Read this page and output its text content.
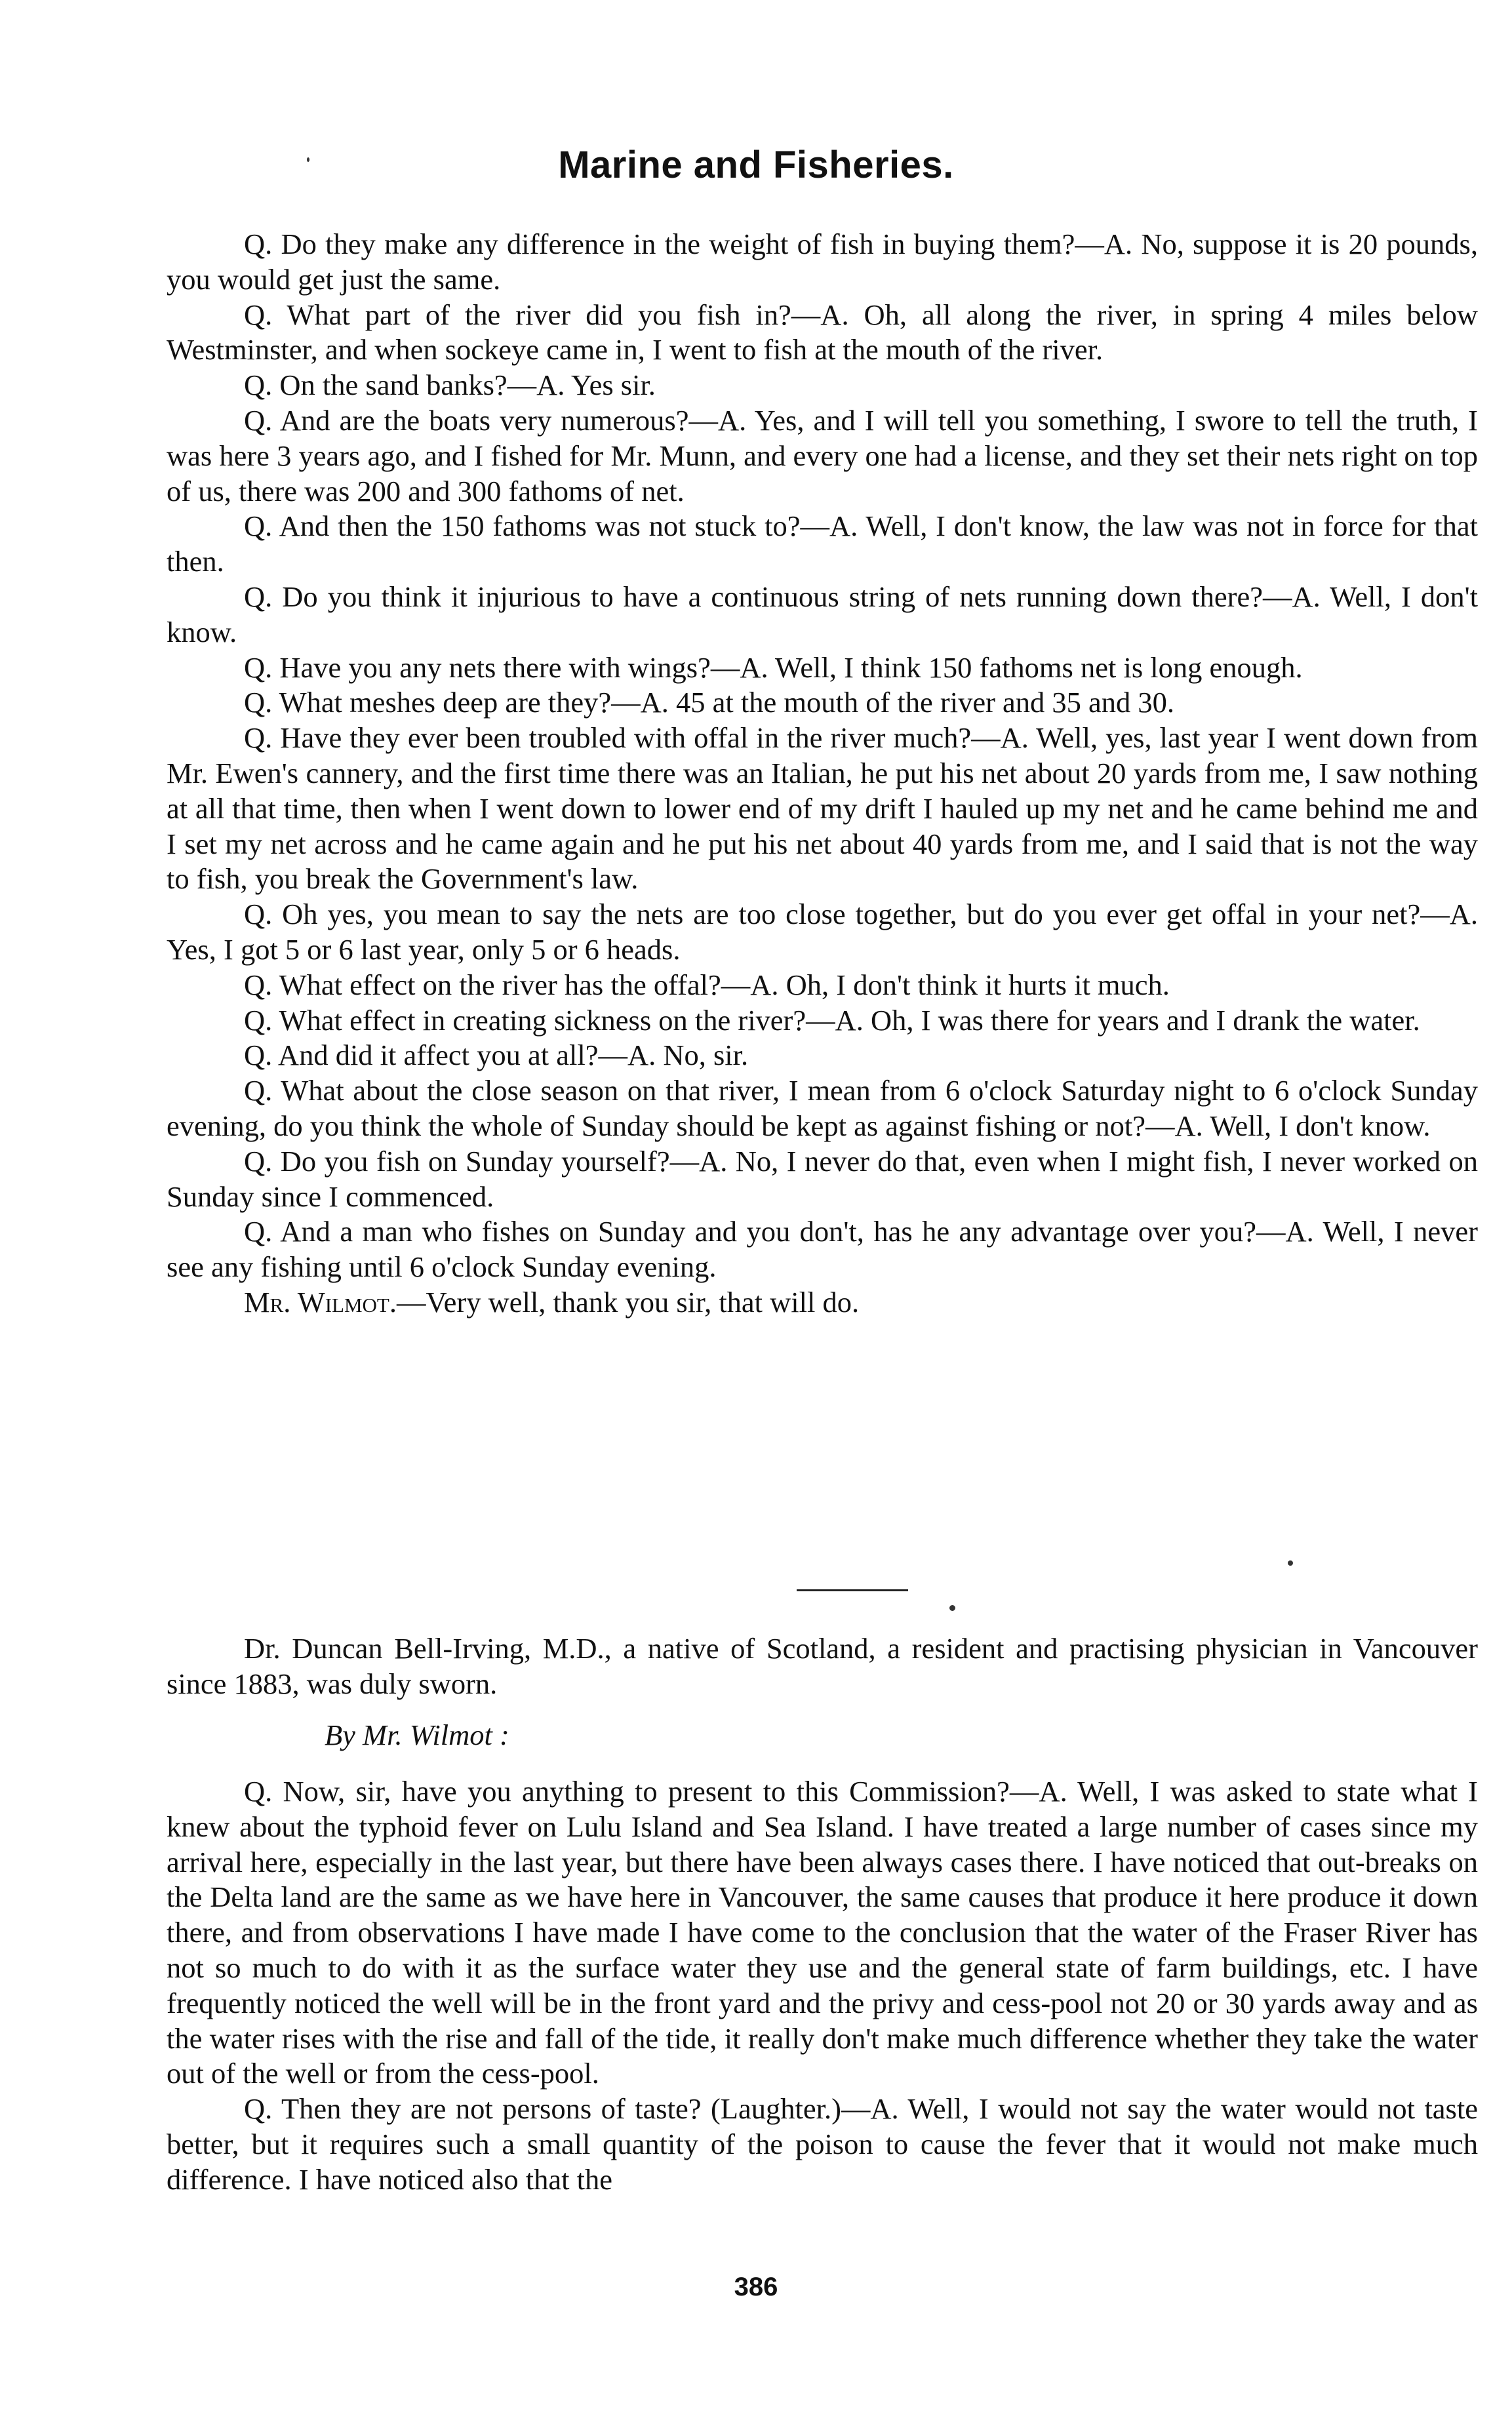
Marine and Fisheries.

Q. Do they make any difference in the weight of fish in buying them?—A. No, suppose it is 20 pounds, you would get just the same.

Q. What part of the river did you fish in?—A. Oh, all along the river, in spring 4 miles below Westminster, and when sockeye came in, I went to fish at the mouth of the river.

Q. On the sand banks?—A. Yes sir.

Q. And are the boats very numerous?—A. Yes, and I will tell you something, I swore to tell the truth, I was here 3 years ago, and I fished for Mr. Munn, and every one had a license, and they set their nets right on top of us, there was 200 and 300 fathoms of net.

Q. And then the 150 fathoms was not stuck to?—A. Well, I don't know, the law was not in force for that then.

Q. Do you think it injurious to have a continuous string of nets running down there?—A. Well, I don't know.

Q. Have you any nets there with wings?—A. Well, I think 150 fathoms net is long enough.

Q. What meshes deep are they?—A. 45 at the mouth of the river and 35 and 30.

Q. Have they ever been troubled with offal in the river much?—A. Well, yes, last year I went down from Mr. Ewen's cannery, and the first time there was an Italian, he put his net about 20 yards from me, I saw nothing at all that time, then when I went down to lower end of my drift I hauled up my net and he came behind me and I set my net across and he came again and he put his net about 40 yards from me, and I said that is not the way to fish, you break the Government's law.

Q. Oh yes, you mean to say the nets are too close together, but do you ever get offal in your net?—A. Yes, I got 5 or 6 last year, only 5 or 6 heads.

Q. What effect on the river has the offal?—A. Oh, I don't think it hurts it much.

Q. What effect in creating sickness on the river?—A. Oh, I was there for years and I drank the water.

Q. And did it affect you at all?—A. No, sir.

Q. What about the close season on that river, I mean from 6 o'clock Saturday night to 6 o'clock Sunday evening, do you think the whole of Sunday should be kept as against fishing or not?—A. Well, I don't know.

Q. Do you fish on Sunday yourself?—A. No, I never do that, even when I might fish, I never worked on Sunday since I commenced.

Q. And a man who fishes on Sunday and you don't, has he any advantage over you?—A. Well, I never see any fishing until 6 o'clock Sunday evening.

Mr. Wilmot.—Very well, thank you sir, that will do.

Dr. Duncan Bell-Irving, M.D., a native of Scotland, a resident and practising physician in Vancouver since 1883, was duly sworn.

By Mr. Wilmot :

Q. Now, sir, have you anything to present to this Commission?—A. Well, I was asked to state what I knew about the typhoid fever on Lulu Island and Sea Island. I have treated a large number of cases since my arrival here, especially in the last year, but there have been always cases there. I have noticed that out-breaks on the Delta land are the same as we have here in Vancouver, the same causes that produce it here produce it down there, and from observations I have made I have come to the conclusion that the water of the Fraser River has not so much to do with it as the surface water they use and the general state of farm buildings, etc. I have frequently noticed the well will be in the front yard and the privy and cess-pool not 20 or 30 yards away and as the water rises with the rise and fall of the tide, it really don't make much difference whether they take the water out of the well or from the cess-pool.

Q. Then they are not persons of taste? (Laughter.)—A. Well, I would not say the water would not taste better, but it requires such a small quantity of the poison to cause the fever that it would not make much difference. I have noticed also that the

386
